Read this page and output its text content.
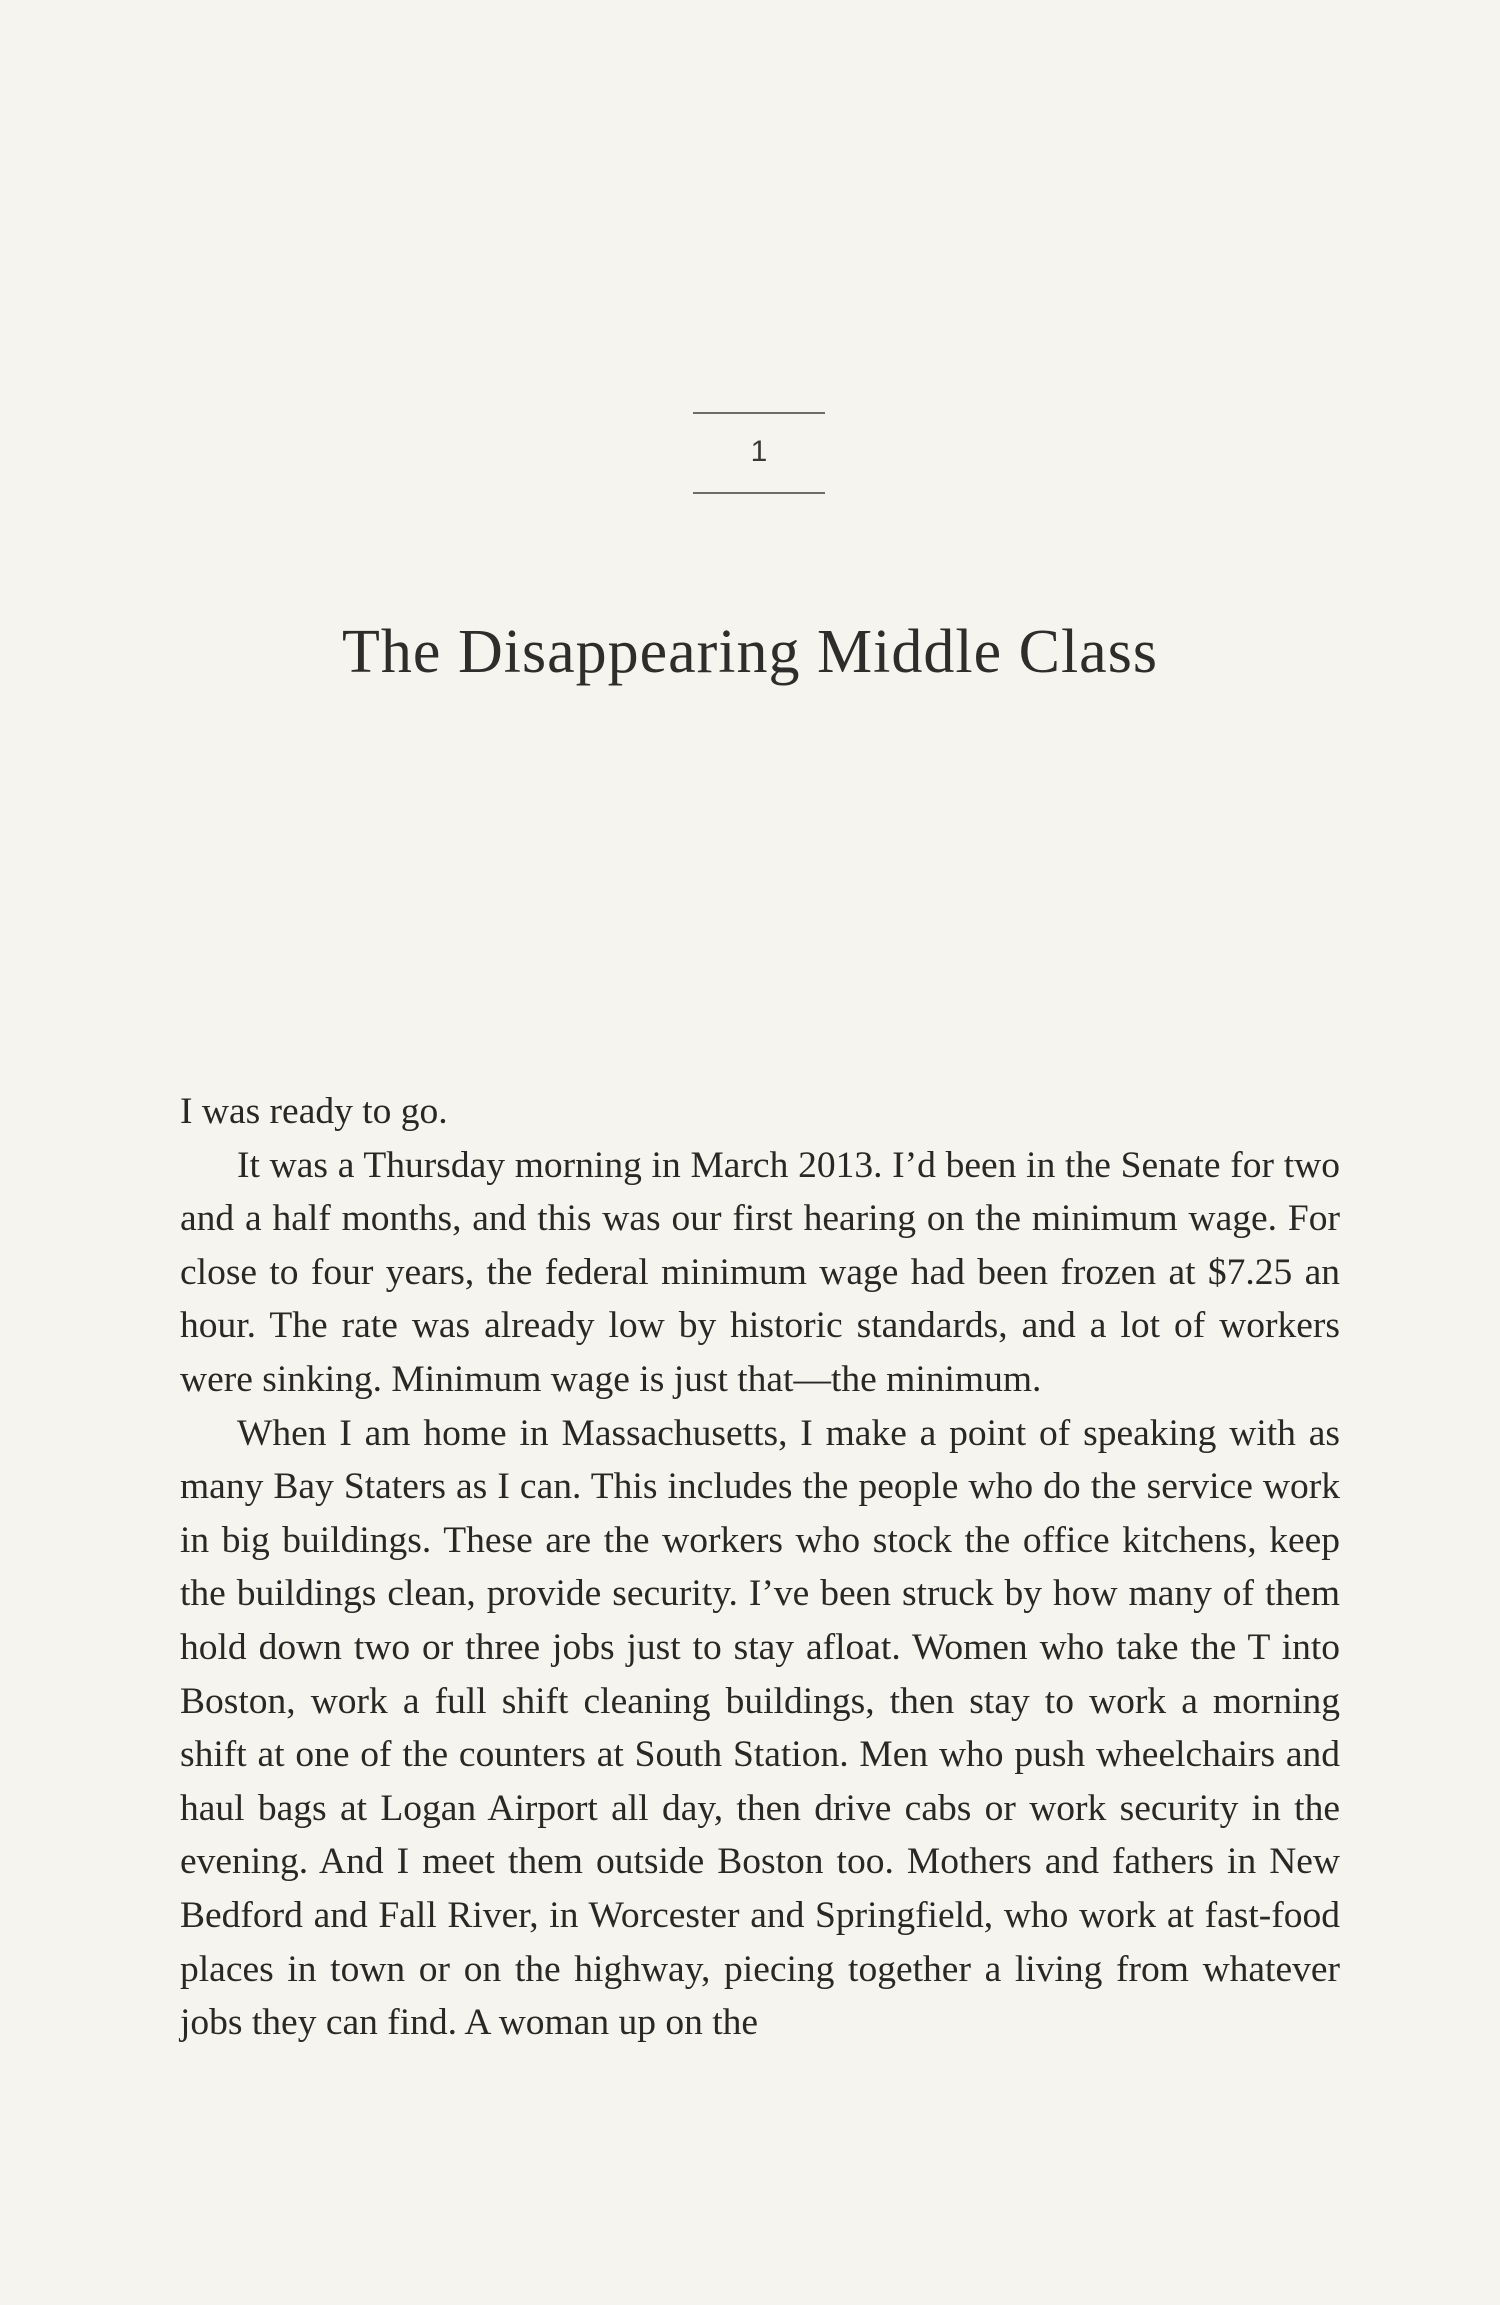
1
The Disappearing Middle Class

I was ready to go.

It was a Thursday morning in March 2013. I’d been in the Senate for two and a half months, and this was our first hearing on the minimum wage. For close to four years, the federal minimum wage had been frozen at $7.25 an hour. The rate was already low by historic standards, and a lot of workers were sinking. Minimum wage is just that—the minimum.

When I am home in Massachusetts, I make a point of speaking with as many Bay Staters as I can. This includes the people who do the service work in big buildings. These are the workers who stock the office kitchens, keep the buildings clean, provide security. I’ve been struck by how many of them hold down two or three jobs just to stay afloat. Women who take the T into Boston, work a full shift cleaning buildings, then stay to work a morning shift at one of the counters at South Station. Men who push wheelchairs and haul bags at Logan Airport all day, then drive cabs or work security in the evening. And I meet them outside Boston too. Mothers and fathers in New Bedford and Fall River, in Worcester and Springfield, who work at fast-food places in town or on the highway, piecing together a living from whatever jobs they can find. A woman up on the
